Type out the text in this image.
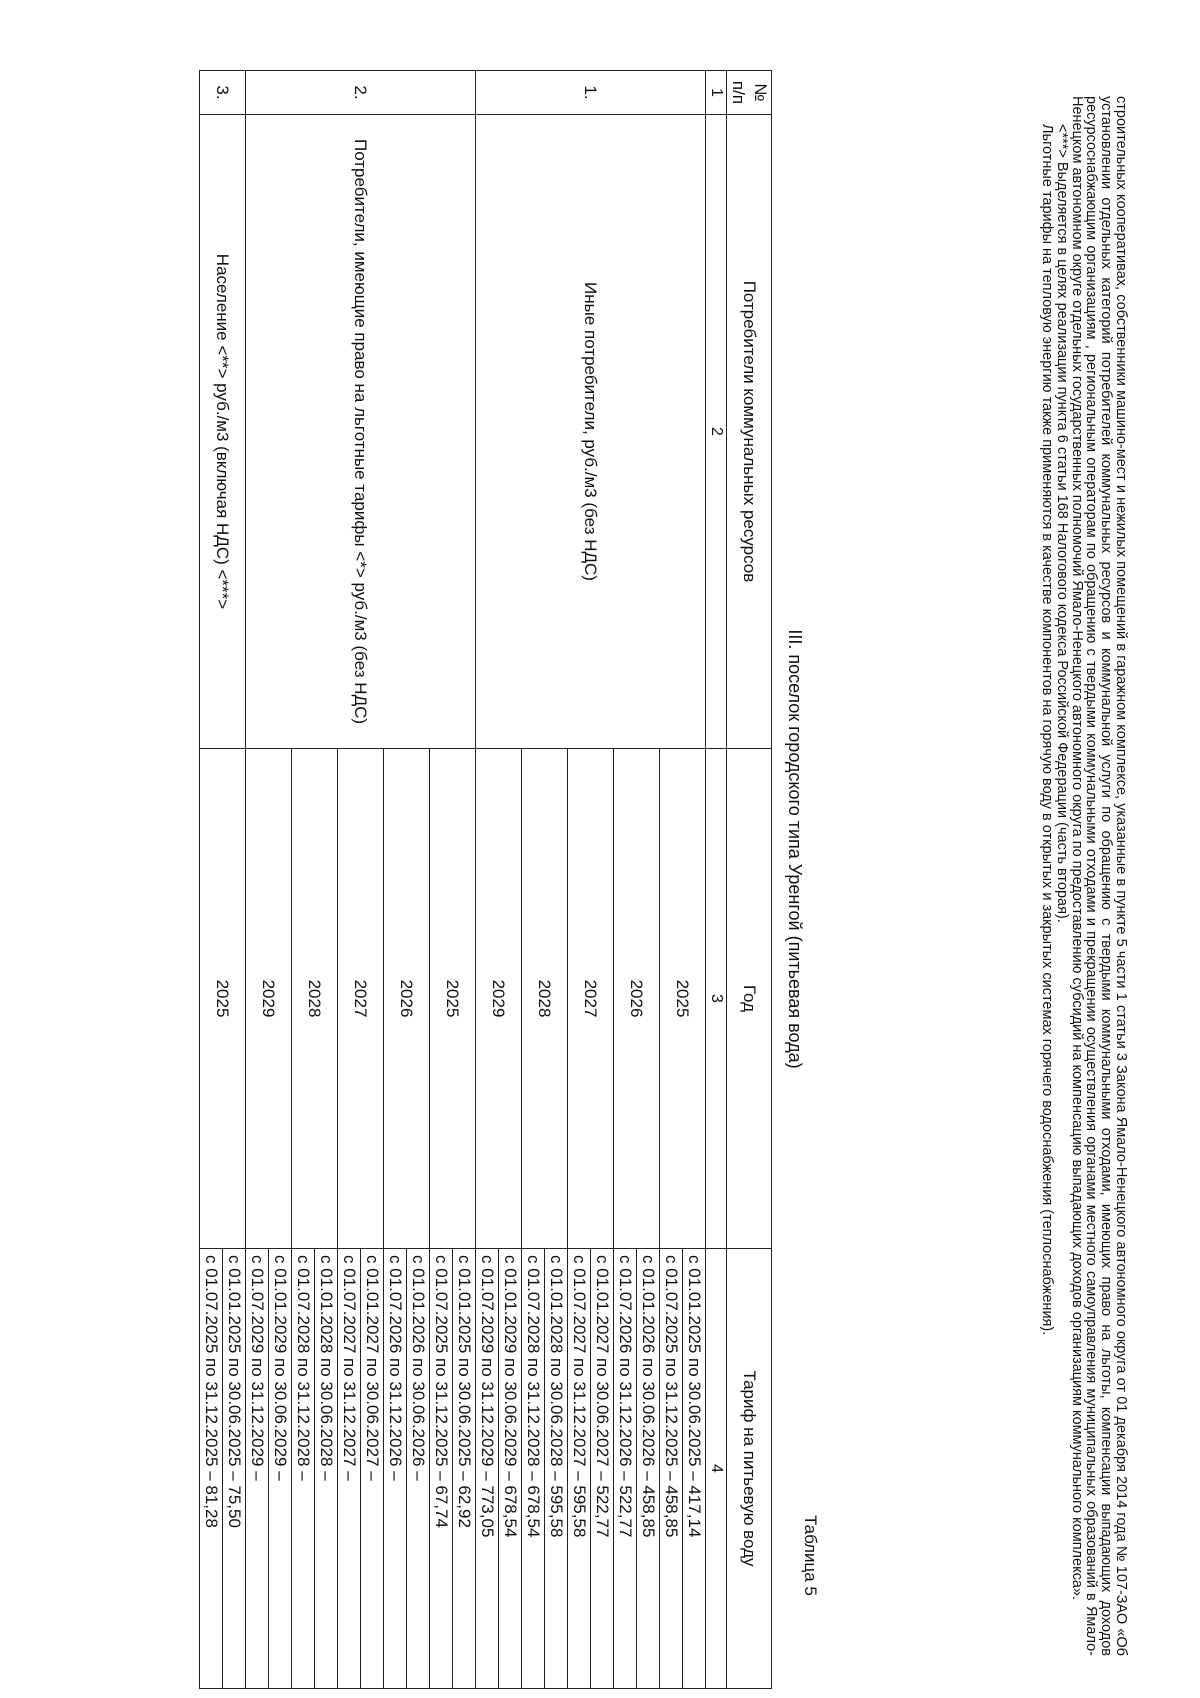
строительных кооперативах, собственники машино-мест и нежилых помещений в гаражном комплексе, указанные в пункте 5 части 1 статьи 3 Закона Ямало-Ненецкого автономного округа от 01 декабря 2014 года № 107-ЗАО «Об установлении отдельных категорий потребителей коммунальных ресурсов и коммунальной услуги по обращению с твердыми коммунальными отходами, имеющих право на льготы, компенсации выпадающих доходов ресурсоснабжающим организациям , региональным операторам по обращению с твердыми коммунальными отходами и прекращении осуществления органами местного самоуправления муниципальных образований в Ямало-Ненецком автономном округе отдельных государственных полномочий Ямало-Ненецкого автономного округа по предоставлению субсидий на компенсацию выпадающих доходов организациям коммунального комплекса».

<***> Выделяется в целях реализации пункта 6 статьи 168 Налогового кодекса Российской Федерации (часть вторая).

Льготные тарифы на тепловую энергию также применяются в качестве компонентов на горячую воду в открытых и закрытых системах горячего водоснабжения (теплоснабжения).

Таблица 5
III. поселок городского типа Уренгой (питьевая вода)
№ п/п	Потребители коммунальных ресурсов	Год	Тариф на питьевую воду
1	2	3	4
1.	Иные потребители, руб./м3 (без НДС)	2025	с 01.01.2025 по 30.06.2025 – 417,14
			с 01.07.2025 по 31.12.2025 – 458,85
		2026	с 01.01.2026 по 30.06.2026 – 458,85
			с 01.07.2026 по 31.12.2026 – 522,77
		2027	с 01.01.2027 по 30.06.2027 – 522,77
			с 01.07.2027 по 31.12.2027 – 595,58
		2028	с 01.01.2028 по 30.06.2028 – 595,58
			с 01.07.2028 по 31.12.2028 – 678,54
		2029	с 01.01.2029 по 30.06.2029 – 678,54
			с 01.07.2029 по 31.12.2029 – 773,05
2.	Потребители, имеющие право на льготные тарифы <*> руб./м3 (без НДС)	2025	с 01.01.2025 по 30.06.2025 – 62,92
			с 01.07.2025 по 31.12.2025 – 67,74
		2026	с 01.01.2026 по 30.06.2026 –
			с 01.07.2026 по 31.12.2026 –
		2027	с 01.01.2027 по 30.06.2027 –
			с 01.07.2027 по 31.12.2027 –
		2028	с 01.01.2028 по 30.06.2028 –
			с 01.07.2028 по 31.12.2028 –
		2029	с 01.01.2029 по 30.06.2029 –
			с 01.07.2029 по 31.12.2029 –
3.	Население <**> руб./м3 (включая НДС) <***>	2025	с 01.01.2025 по 30.06.2025 – 75,50
			с 01.07.2025 по 31.12.2025 – 81,28
